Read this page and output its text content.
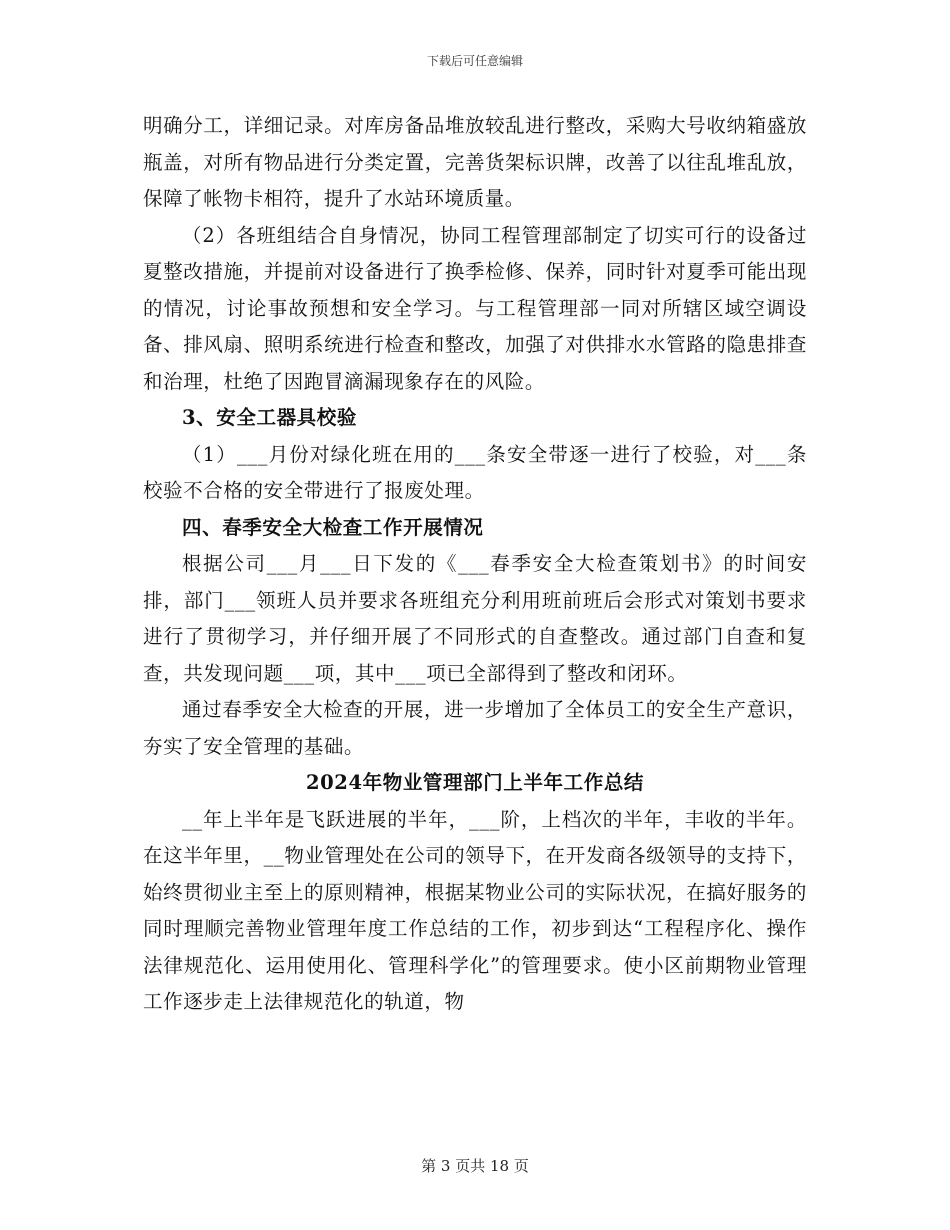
下载后可任意编辑

明确分工，详细记录。对库房备品堆放较乱进行整改，采购大号收纳箱盛放瓶盖，对所有物品进行分类定置，完善货架标识牌，改善了以往乱堆乱放，保障了帐物卡相符，提升了水站环境质量。

（2）各班组结合自身情况，协同工程管理部制定了切实可行的设备过夏整改措施，并提前对设备进行了换季检修、保养，同时针对夏季可能出现的情况，讨论事故预想和安全学习。与工程管理部一同对所辖区域空调设备、排风扇、照明系统进行检查和整改，加强了对供排水水管路的隐患排查和治理，杜绝了因跑冒滴漏现象存在的风险。

3、安全工器具校验

（1）___月份对绿化班在用的___条安全带逐一进行了校验，对___条校验不合格的安全带进行了报废处理。

四、春季安全大检查工作开展情况

根据公司___月___日下发的《___春季安全大检查策划书》的时间安排，部门___领班人员并要求各班组充分利用班前班后会形式对策划书要求进行了贯彻学习，并仔细开展了不同形式的自查整改。通过部门自查和复查，共发现问题___项，其中___项已全部得到了整改和闭环。

通过春季安全大检查的开展，进一步增加了全体员工的安全生产意识，夯实了安全管理的基础。

2024年物业管理部门上半年工作总结

__年上半年是飞跃进展的半年，___阶，上档次的半年，丰收的半年。在这半年里，__物业管理处在公司的领导下，在开发商各级领导的支持下，始终贯彻业主至上的原则精神，根据某物业公司的实际状况，在搞好服务的同时理顺完善物业管理年度工作总结的工作，初步到达“工程程序化、操作法律规范化、运用使用化、管理科学化”的管理要求。使小区前期物业管理工作逐步走上法律规范化的轨道，物

第 3 页共 18 页
